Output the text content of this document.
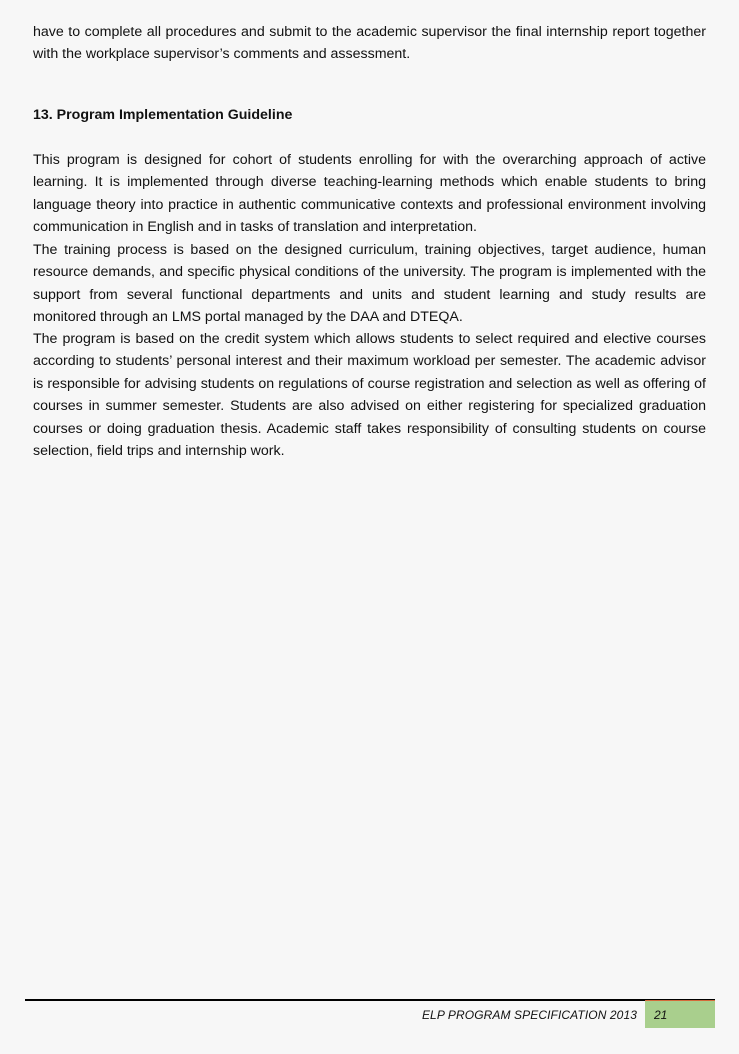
have to complete all procedures and submit to the academic supervisor the final internship report together with the workplace supervisor’s comments and assessment.

13. Program Implementation Guideline

This program is designed for cohort of students enrolling for with the overarching approach of active learning. It is implemented through diverse teaching-learning methods which enable students to bring language theory into practice in authentic communicative contexts and professional environment involving communication in English and in tasks of translation and interpretation.

The training process is based on the designed curriculum, training objectives, target audience, human resource demands, and specific physical conditions of the university. The program is implemented with the support from several functional departments and units and student learning and study results are monitored through an LMS portal managed by the DAA and DTEQA.

The program is based on the credit system which allows students to select required and elective courses according to students’ personal interest and their maximum workload per semester. The academic advisor is responsible for advising students on regulations of course registration and selection as well as offering of courses in summer semester. Students are also advised on either registering for specialized graduation courses or doing graduation thesis. Academic staff takes responsibility of consulting students on course selection, field trips and internship work.

ELP PROGRAM SPECIFICATION 2013 21
